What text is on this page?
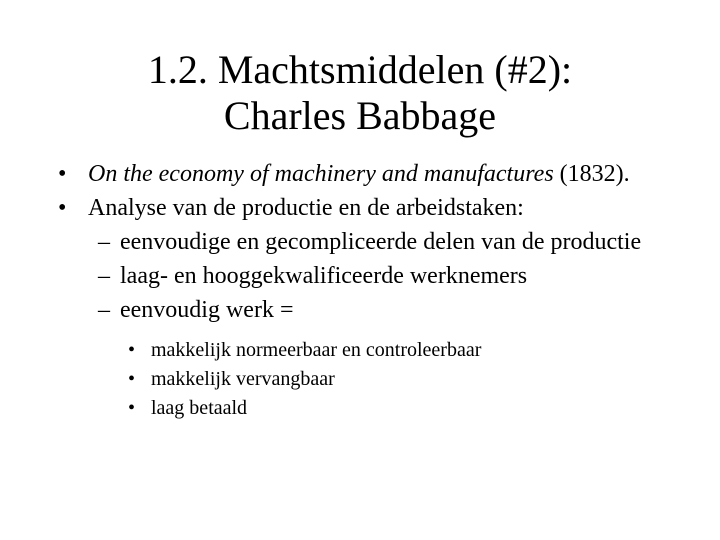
1.2. Machtsmiddelen (#2):
Charles Babbage
• On the economy of machinery and manufactures (1832).
• Analyse van de productie en de arbeidstaken:
– eenvoudige en gecompliceerde delen van de productie
– laag- en hooggekwalificeerde werknemers
– eenvoudig werk =
• makkelijk normeerbaar en controleerbaar
• makkelijk vervangbaar
• laag betaald
